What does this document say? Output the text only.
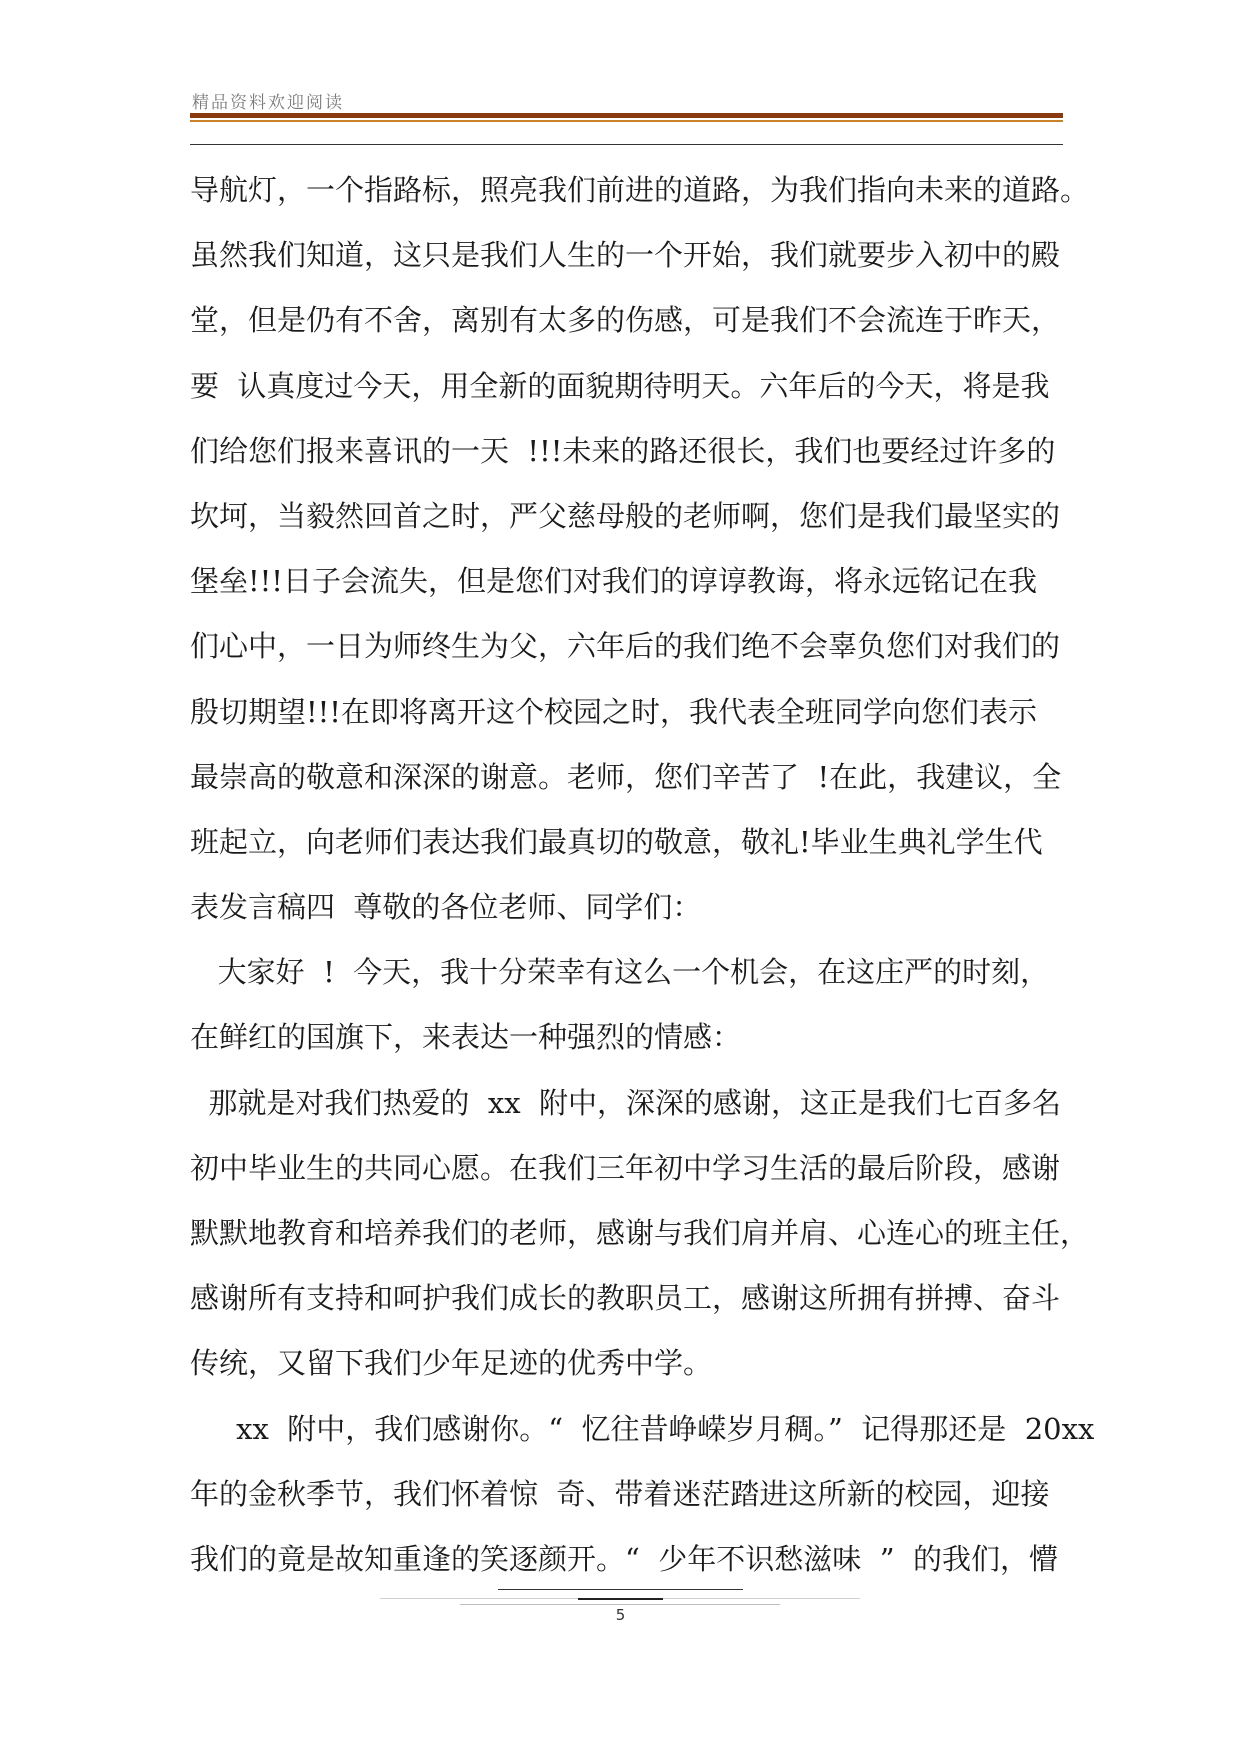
精品资料欢迎阅读
导航灯，一个指路标，照亮我们前进的道路，为我们指向未来的道路。
虽然我们知道，这只是我们人生的一个开始，我们就要步入初中的殿
堂，但是仍有不舍，离别有太多的伤感，可是我们不会流连于昨天，
要  认真度过今天，用全新的面貌期待明天。六年后的今天，将是我
们给您们报来喜讯的一天  !!!未来的路还很长，我们也要经过许多的
坎坷，当毅然回首之时，严父慈母般的老师啊，您们是我们最坚实的
堡垒!!!日子会流失，但是您们对我们的谆谆教诲，将永远铭记在我
们心中，一日为师终生为父，六年后的我们绝不会辜负您们对我们的
殷切期望!!!在即将离开这个校园之时，我代表全班同学向您们表示
最崇高的敬意和深深的谢意。老师，您们辛苦了  !在此，我建议，全
班起立，向老师们表达我们最真切的敬意，敬礼!毕业生典礼学生代
表发言稿四  尊敬的各位老师、同学们：
大家好  !  今天，我十分荣幸有这么一个机会，在这庄严的时刻，
在鲜红的国旗下，来表达一种强烈的情感：
那就是对我们热爱的  xx  附中，深深的感谢，这正是我们七百多名
初中毕业生的共同心愿。在我们三年初中学习生活的最后阶段，感谢
默默地教育和培养我们的老师，感谢与我们肩并肩、心连心的班主任，
感谢所有支持和呵护我们成长的教职员工，感谢这所拥有拼搏、奋斗
传统，又留下我们少年足迹的优秀中学。
xx  附中，我们感谢你。“  忆往昔峥嵘岁月稠。”  记得那还是  20xx
年的金秋季节，我们怀着惊  奇、带着迷茫踏进这所新的校园，迎接
我们的竟是故知重逢的笑逐颜开。“  少年不识愁滋味  ”  的我们，懵
5
